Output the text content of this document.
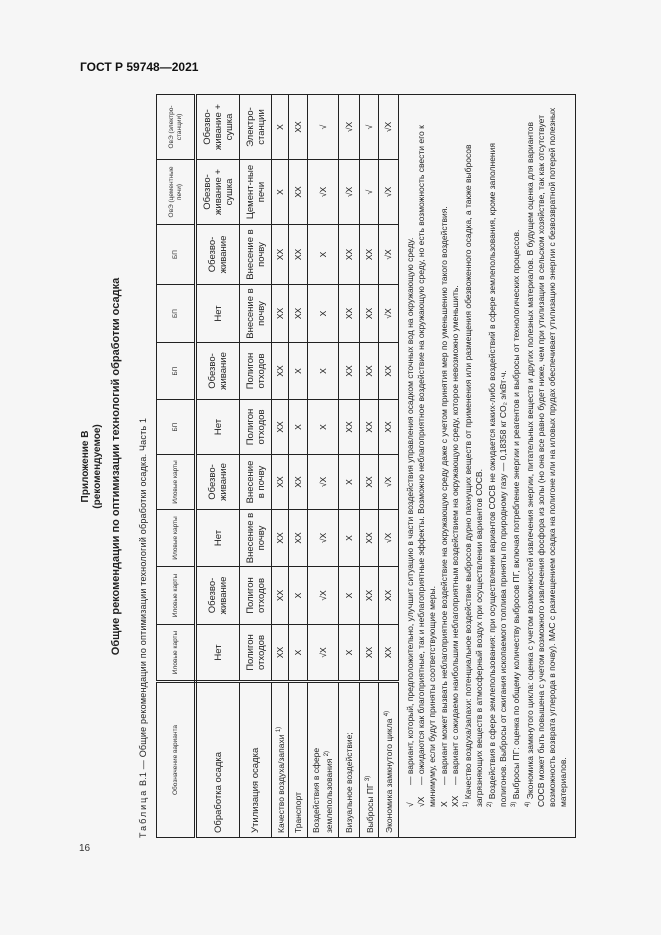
ГОСТ Р 59748—2021
16
Приложение В (рекомендуемое) Общие рекомендации по оптимизации технологий обработки осадка
Таблица В.1 — Общие рекомендации по оптимизации технологий обработки осадка. Часть 1	Обозначение варианта	Иловые карты	Иловые карты	Иловые карты	Иловые карты	БП	БП	БП	БП	ОвЭ (цементные печи)	ОвЭ (электро-станции)
Обработка осадка	Нет	Обезво-живание	Нет	Обезво-живание	Нет	Обезво-живание	Нет	Обезво-живание	Обезво-живание + сушка	Обезво-живание + сушка
Утилизация осадка	Полигон отходов	Полигон отходов	Внесение в почву	Внесение в почву	Полигон отходов	Полигон отходов	Внесение в почву	Внесение в почву	Цемент-ные печи	Электро-станции
Качество воздуха/запахи $^{1)}$	XX	XX	XX	XX	XX	XX	XX	XX	X	X
Транспорт	X	X	XX	XX	X	X	XX	XX	XX	XX
Воздействия в сфере землепользования $^{2)}$	√X	√X	√X	√X	X	X	X	X	√X	√
Визуальное воздействие;	X	X	X	X	XX	XX	XX	XX	√X	√X
Выбросы ПГ $^{3)}$	XX	XX	XX	XX	XX	XX	XX	XX	√	√
Экономика замкнутого цикла $^{4)}$	XX	XX	√X	√X	XX	XX	√X	√X	√X	√X

√— вариант, который, предположительно, улучшит ситуацию в части воздействия управления осадком сточных вод на окружающую среду.

√X— ожидаются как благоприятные, так и неблагоприятные эффекты. Возможно неблагоприятное воздействие на окружающую среду, но есть возможность свести его к минимуму, если будут приняты соответствующие меры. X— вариант может вызвать неблагоприятное воздействие на окружающую среду даже с учетом принятия мер по уменьшению такого воздействия.

XX— вариант с ожидаемо наибольшим неблагоприятным воздействием на окружающую среду, которое невозможно уменьшить.

$^{1)}$ Качество воздуха/запахи: потенциальное воздействие выбросов дурно пахнущих веществ от применения или размещения обезвоженного осадка, а также выбросов загрязняющих веществ в атмосферный воздух при осуществлении вариантов СОСВ. $^{2)}$ Воздействия в сфере землепользования: при осуществлении вариантов СОСВ не ожидается каких-либо воздействий в сфере землепользования, кроме заполнения полигонов. Выбросы от сжигания ископаемого топлива приняты по природному газу — 0,18358 кг CO₂ э/кВт·ч. $^{3)}$ Выбросы ПГ: оценка по общему количеству выбросов ПГ, включая потребление энергии и реагентов и выбросы от технологических процессов.

$^{4)}$ Экономика замкнутого цикла: оценка с учетом возможностей извлечения энергии, питательных веществ и других полезных материалов. В будущем оценка для вариантов СОСВ может быть повышена с учетом возможного извлечения фосфора из золы (но она все равно будет ниже, чем при утилизации в сельском хозяйстве, так как отсутствует возможность возврата углерода в почву). МАС с размещением осадка на полигоне или на иловых прудах обеспечивает утилизацию энергии с безвозвратной потерей полезных материалов.
